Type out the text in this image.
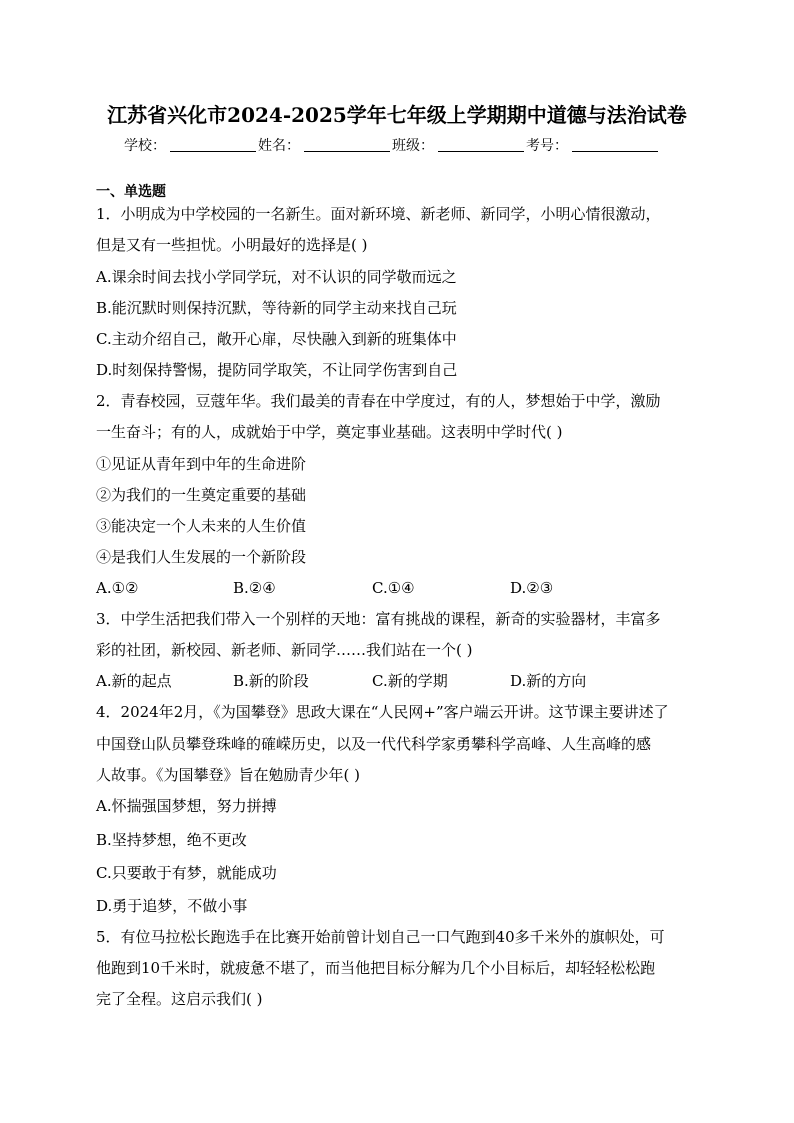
江苏省兴化市2024-2025学年七年级上学期期中道德与法治试卷
学校：	姓名：	班级：	考号：
一、单选题
1．小明成为中学校园的一名新生。面对新环境、新老师、新同学，小明心情很激动，
但是又有一些担忧。小明最好的选择是( )
A.课余时间去找小学同学玩，对不认识的同学敬而远之
B.能沉默时则保持沉默，等待新的同学主动来找自己玩
C.主动介绍自己，敞开心扉，尽快融入到新的班集体中
D.时刻保持警惕，提防同学取笑，不让同学伤害到自己
2．青春校园，豆蔻年华。我们最美的青春在中学度过，有的人，梦想始于中学，激励
一生奋斗；有的人，成就始于中学，奠定事业基础。这表明中学时代( )
①见证从青年到中年的生命进阶
②为我们的一生奠定重要的基础
③能决定一个人未来的人生价值
④是我们人生发展的一个新阶段
A.①②	B.②④	C.①④	D.②③
3．中学生活把我们带入一个别样的天地：富有挑战的课程，新奇的实验器材，丰富多
彩的社团，新校园、新老师、新同学……我们站在一个( )
A.新的起点	B.新的阶段	C.新的学期	D.新的方向
4．2024年2月，《为国攀登》思政大课在“人民网+”客户端云开讲。这节课主要讲述了
中国登山队员攀登珠峰的確嵘历史，以及一代代科学家勇攀科学高峰、人生高峰的感
人故事。《为国攀登》旨在勉励青少年( )
A.怀揣强国梦想，努力拼搏
B.坚持梦想，绝不更改
C.只要敢于有梦，就能成功
D.勇于追梦，不做小事
5．有位马拉松长跑选手在比赛开始前曾计划自己一口气跑到40多千米外的旗帜处，可
他跑到10千米时，就疲惫不堪了，而当他把目标分解为几个小目标后，却轻轻松松跑
完了全程。这启示我们( )
